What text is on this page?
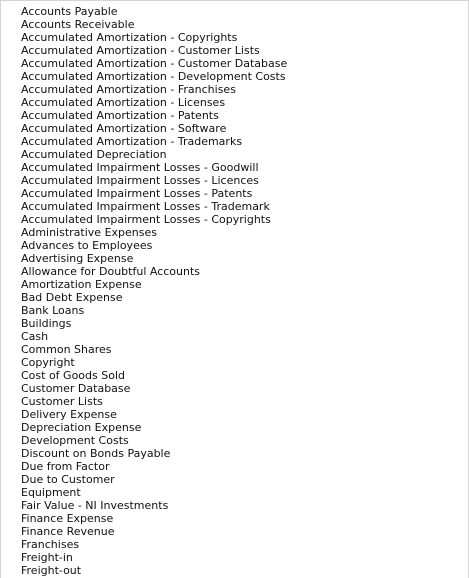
Accounts Payable
Accounts Receivable
Accumulated Amortization - Copyrights
Accumulated Amortization - Customer Lists
Accumulated Amortization - Customer Database
Accumulated Amortization - Development Costs
Accumulated Amortization - Franchises
Accumulated Amortization - Licenses
Accumulated Amortization - Patents
Accumulated Amortization - Software
Accumulated Amortization - Trademarks
Accumulated Depreciation
Accumulated Impairment Losses - Goodwill
Accumulated Impairment Losses - Licences
Accumulated Impairment Losses - Patents
Accumulated Impairment Losses - Trademark
Accumulated Impairment Losses - Copyrights
Administrative Expenses
Advances to Employees
Advertising Expense
Allowance for Doubtful Accounts
Amortization Expense
Bad Debt Expense
Bank Loans
Buildings
Cash
Common Shares
Copyright
Cost of Goods Sold
Customer Database
Customer Lists
Delivery Expense
Depreciation Expense
Development Costs
Discount on Bonds Payable
Due from Factor
Due to Customer
Equipment
Fair Value - NI Investments
Finance Expense
Finance Revenue
Franchises
Freight-in
Freight-out
